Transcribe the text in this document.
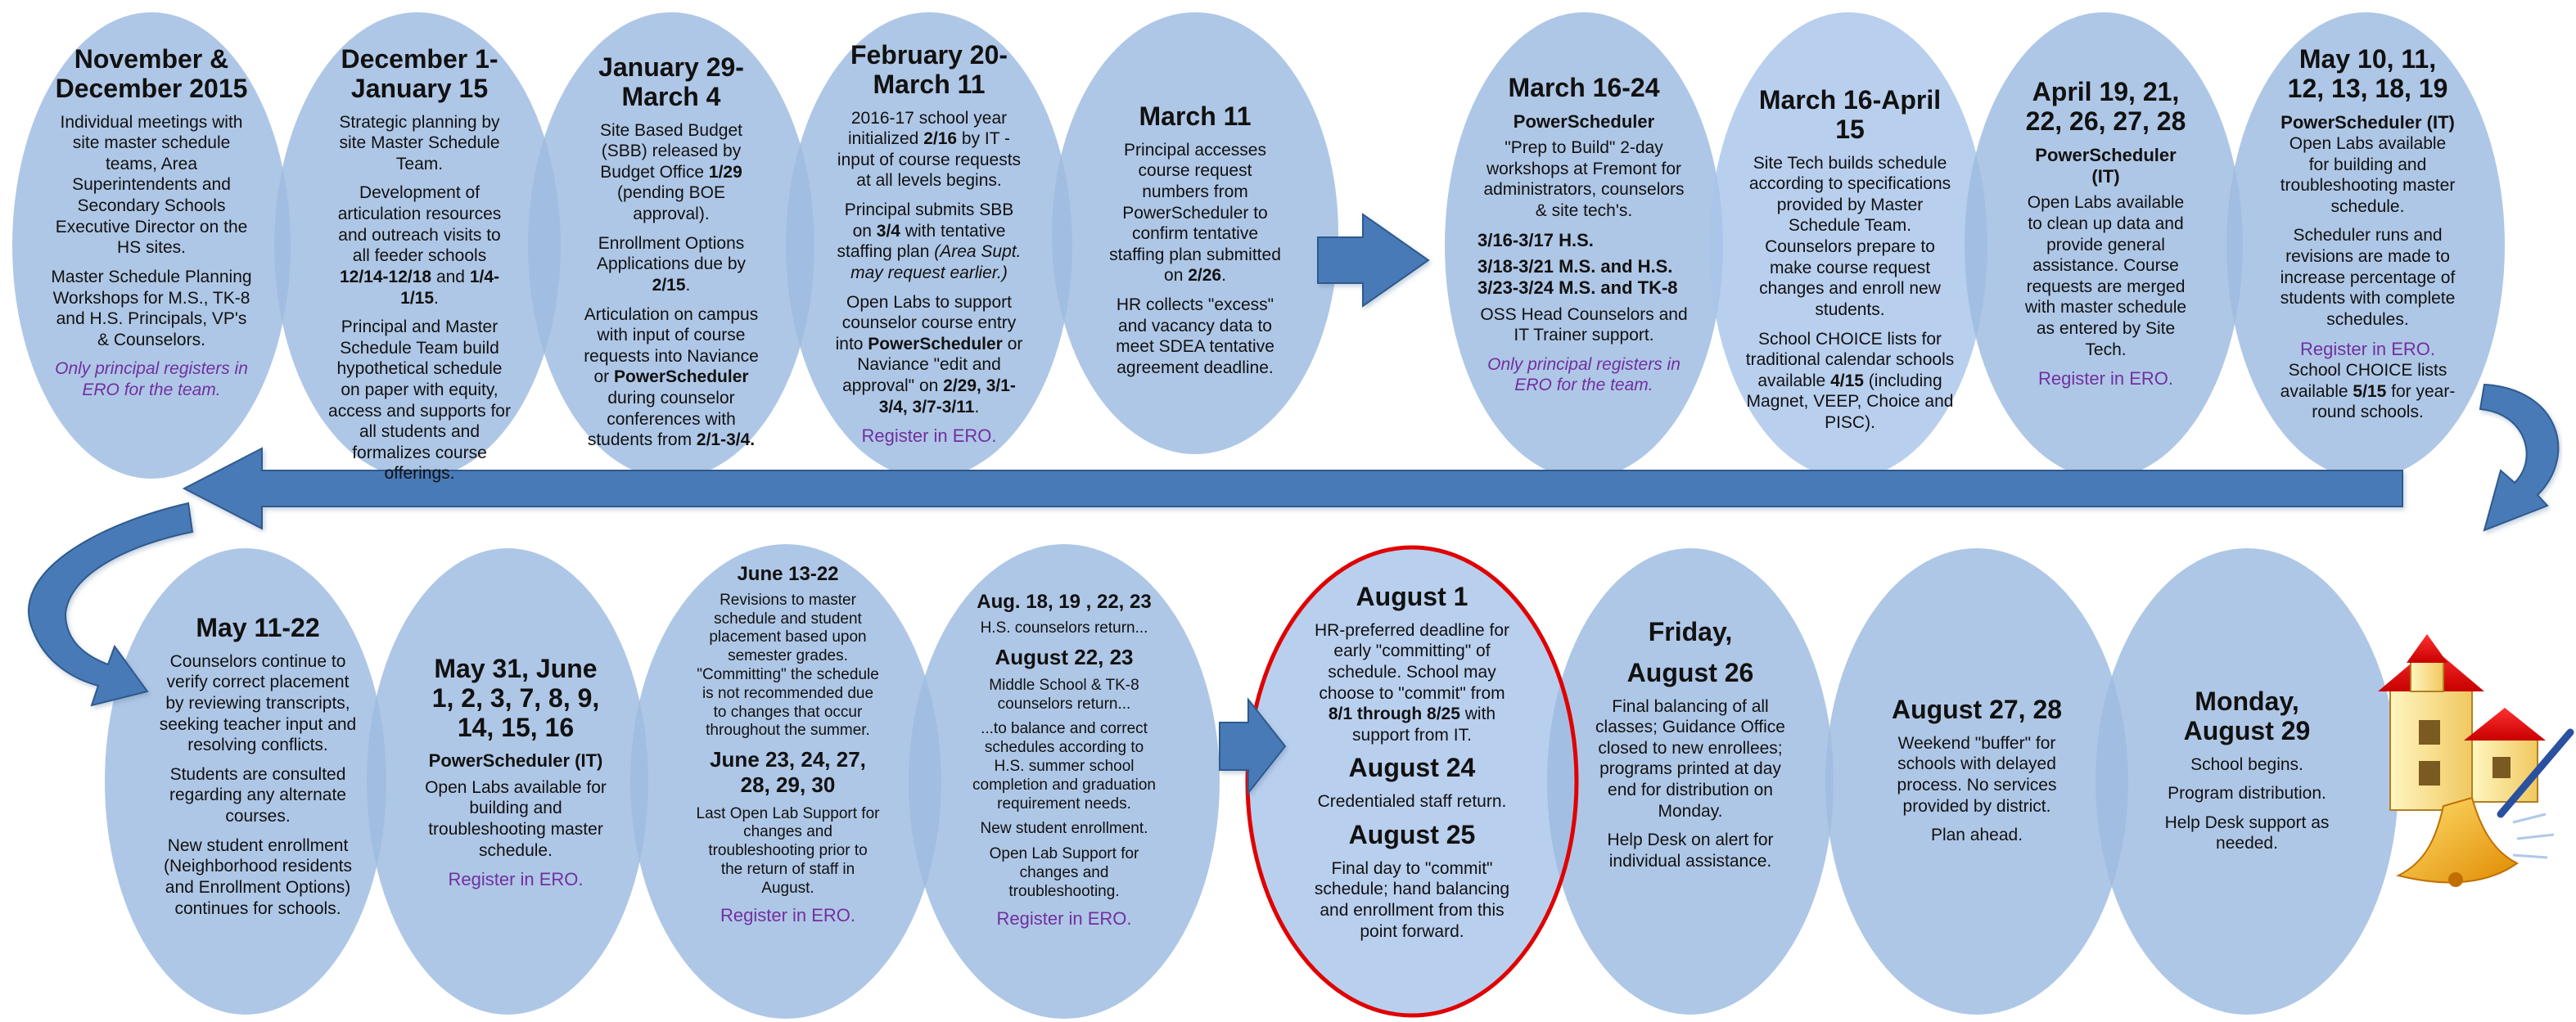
November & December 2015
Individual meetings with site master schedule teams, Area Superintendents and Secondary Schools Executive Director on the HS sites.
Master Schedule Planning Workshops for M.S., TK-8 and H.S. Principals, VP's & Counselors.
Only principal registers in ERO for the team.
December 1- January 15
Strategic planning by site Master Schedule Team.
Development of articulation resources and outreach visits to all feeder schools 12/14-12/18 and 1/4-1/15.
Principal and Master Schedule Team build hypothetical schedule on paper with equity, access and supports for all students and formalizes course offerings.
January 29- March 4
Site Based Budget (SBB) released by Budget Office 1/29 (pending BOE approval).
Enrollment Options Applications due by 2/15.
Articulation on campus with input of course requests into Naviance or PowerScheduler during counselor conferences with students from 2/1-3/4.
February 20- March 11
2016-17 school year initialized 2/16 by IT - input of course requests at all levels begins.
Principal submits SBB on 3/4 with tentative staffing plan (Area Supt. may request earlier.)
Open Labs to support counselor course entry into PowerScheduler or Naviance "edit and approval" on 2/29, 3/1-3/4, 3/7-3/11.
Register in ERO.
March 11
Principal accesses course request numbers from PowerScheduler to confirm tentative staffing plan submitted on 2/26.
HR collects "excess" and vacancy data to meet SDEA tentative agreement deadline.
March 16-24
PowerScheduler
"Prep to Build" 2-day workshops at Fremont for administrators, counselors & site tech's.
3/16-3/17 H.S.
3/18-3/21 M.S. and H.S.
3/23-3/24 M.S. and TK-8
OSS Head Counselors and IT Trainer support.
Only principal registers in ERO for the team.
March 16-April 15
Site Tech builds schedule according to specifications provided by Master Schedule Team. Counselors prepare to make course request changes and enroll new students.
School CHOICE lists for traditional calendar schools available 4/15 (including Magnet, VEEP, Choice and PISC).
April 19, 21, 22, 26, 27, 28
PowerScheduler (IT)
Open Labs available to clean up data and provide general assistance. Course requests are merged with master schedule as entered by Site Tech.
Register in ERO.
May 10, 11, 12, 13, 18, 19
PowerScheduler (IT)
Open Labs available for building and troubleshooting master schedule.
Scheduler runs and revisions are made to increase percentage of students with complete schedules.
Register in ERO.
School CHOICE lists available 5/15 for year-round schools.
May 11-22
Counselors continue to verify correct placement by reviewing transcripts, seeking teacher input and resolving conflicts.
Students are consulted regarding any alternate courses.
New student enrollment (Neighborhood residents and Enrollment Options) continues for schools.
May 31, June 1, 2, 3, 7, 8, 9, 14, 15, 16
PowerScheduler (IT)
Open Labs available for building and troubleshooting master schedule.
Register in ERO.
June 13-22
Revisions to master schedule and student placement based upon semester grades. "Committing" the schedule is not recommended due to changes that occur throughout the summer.
June 23, 24, 27, 28, 29, 30
Last Open Lab Support for changes and troubleshooting prior to the return of staff in August.
Register in ERO.
Aug. 18, 19 , 22, 23
H.S. counselors return...
August 22, 23
Middle School & TK-8 counselors return...
...to balance and correct schedules according to H.S. summer school completion and graduation requirement needs.
New student enrollment.
Open Lab Support for changes and troubleshooting.
Register in ERO.
August 1
HR-preferred deadline for early "committing" of schedule. School may choose to "commit" from 8/1 through 8/25 with support from IT.
August 24
Credentialed staff return.
August 25
Final day to "commit" schedule; hand balancing and enrollment from this point forward.
Friday,
August 26
Final balancing of all classes; Guidance Office closed to new enrollees; programs printed at day end for distribution on Monday.
Help Desk on alert for individual assistance.
August 27, 28
Weekend "buffer" for schools with delayed process. No services provided by district.
Plan ahead.
Monday, August 29
School begins.
Program distribution.
Help Desk support as needed.
